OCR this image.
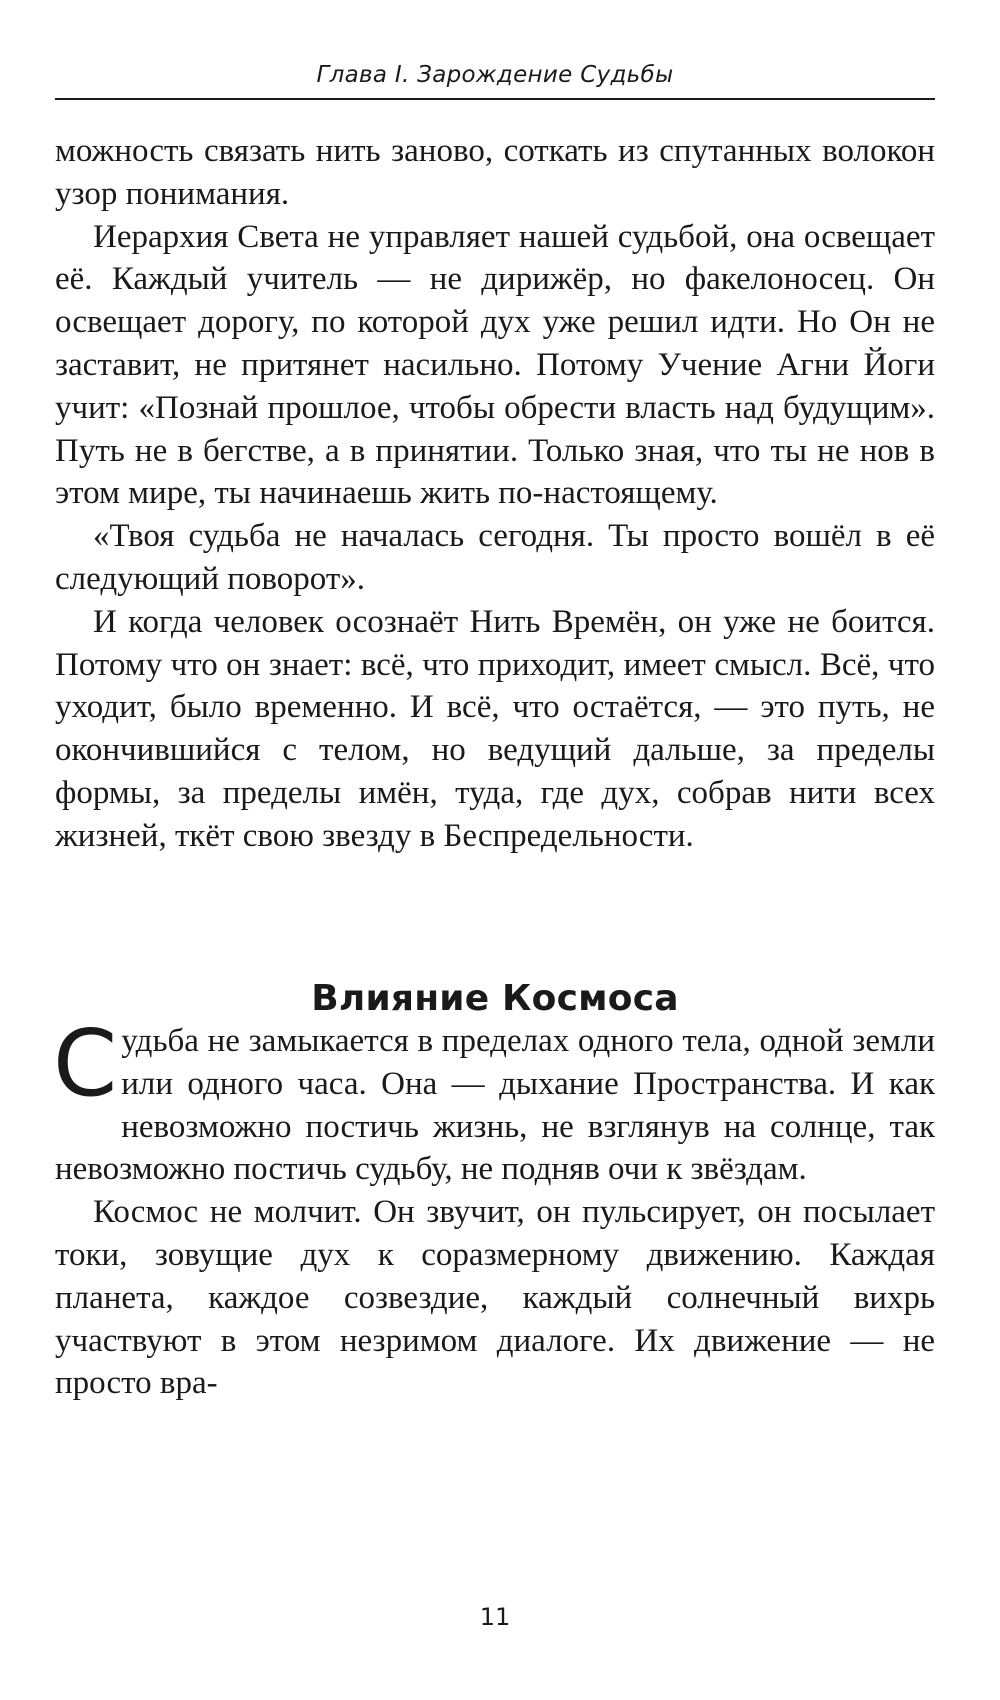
Глава I. Зарождение Судьбы

можность связать нить заново, соткать из спутанных волокон узор понимания.

Иерархия Света не управляет нашей судьбой, она освещает её. Каждый учитель — не дирижёр, но факелоносец. Он освещает дорогу, по которой дух уже решил идти. Но Он не заставит, не притянет насильно. Потому Учение Агни Йоги учит: «Познай прошлое, чтобы обрести власть над будущим». Путь не в бегстве, а в принятии. Только зная, что ты не нов в этом мире, ты начинаешь жить по-настоящему.

«Твоя судьба не началась сегодня. Ты просто вошёл в её следующий поворот».

И когда человек осознаёт Нить Времён, он уже не боится. Потому что он знает: всё, что приходит, имеет смысл. Всё, что уходит, было временно. И всё, что остаётся, — это путь, не окончившийся с телом, но ведущий дальше, за пределы формы, за пределы имён, туда, где дух, собрав нити всех жизней, ткёт свою звезду в Беспредельности.

Влияние Космоса

Судьба не замыкается в пределах одного тела, одной земли или одного часа. Она — дыхание Пространства. И как невозможно постичь жизнь, не взглянув на солнце, так невозможно постичь судьбу, не подняв очи к звёздам.

Космос не молчит. Он звучит, он пульсирует, он посылает токи, зовущие дух к соразмерному движению. Каждая планета, каждое созвездие, каждый солнечный вихрь участвуют в этом незримом диалоге. Их движение — не просто вра-

11
